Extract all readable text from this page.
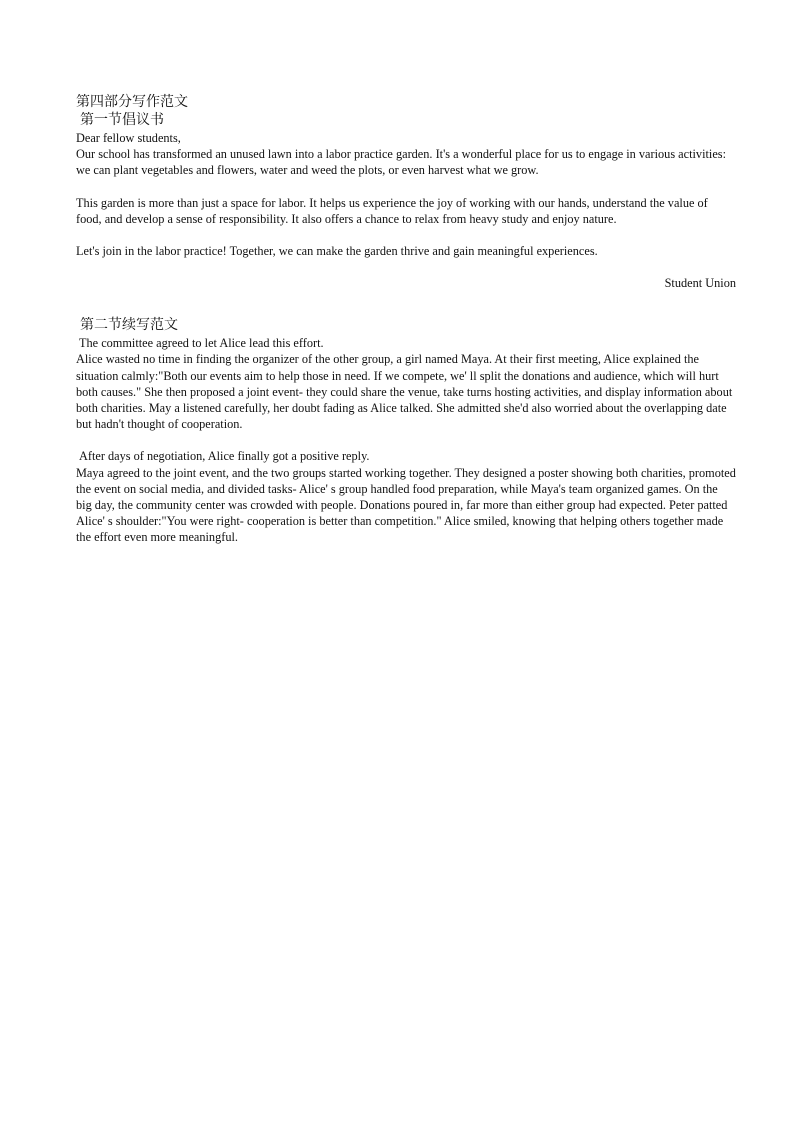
第四部分写作范文

第一节倡议书

Dear fellow students,

Our school has transformed an unused lawn into a labor practice garden. It's a wonderful place for us to engage in various activities: we can plant vegetables and flowers, water and weed the plots, or even harvest what we grow.

This garden is more than just a space for labor. It helps us experience the joy of working with our hands, understand the value of food, and develop a sense of responsibility. It also offers a chance to relax from heavy study and enjoy nature.

Let's join in the labor practice! Together, we can make the garden thrive and gain meaningful experiences.

Student Union

第二节续写范文

The committee agreed to let Alice lead this effort.

Alice wasted no time in finding the organizer of the other group, a girl named Maya. At their first meeting, Alice explained the situation calmly:"Both our events aim to help those in need. If we compete, we' ll split the donations and audience, which will hurt both causes." She then proposed a joint event- they could share the venue, take turns hosting activities, and display information about both charities. May a listened carefully, her doubt fading as Alice talked. She admitted she'd also worried about the overlapping date but hadn't thought of cooperation.

After days of negotiation, Alice finally got a positive reply.

Maya agreed to the joint event, and the two groups started working together. They designed a poster showing both charities, promoted the event on social media, and divided tasks- Alice' s group handled food preparation, while Maya's team organized games. On the big day, the community center was crowded with people. Donations poured in, far more than either group had expected. Peter patted Alice' s shoulder:"You were right- cooperation is better than competition." Alice smiled, knowing that helping others together made the effort even more meaningful.
